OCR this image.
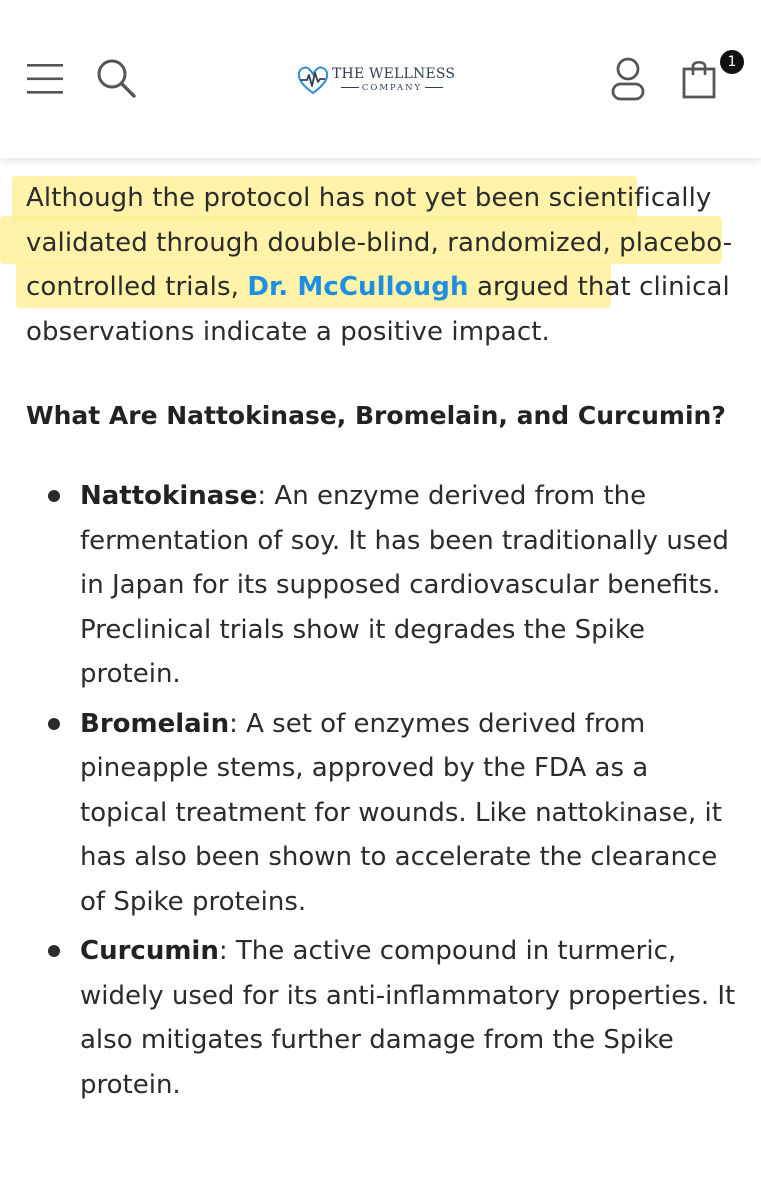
THE WELLNESS
COMPANY
1

Although the protocol has not yet been scientifically validated through double-blind, randomized, placebo-controlled trials, Dr. McCullough argued that clinical observations indicate a positive impact.

What Are Nattokinase, Bromelain, and Curcumin?
Nattokinase: An enzyme derived from the fermentation of soy. It has been traditionally used in Japan for its supposed cardiovascular benefits. Preclinical trials show it degrades the Spike protein.
Bromelain: A set of enzymes derived from pineapple stems, approved by the FDA as a topical treatment for wounds. Like nattokinase, it has also been shown to accelerate the clearance of Spike proteins.
Curcumin: The active compound in turmeric, widely used for its anti-inflammatory properties. It also mitigates further damage from the Spike protein.
